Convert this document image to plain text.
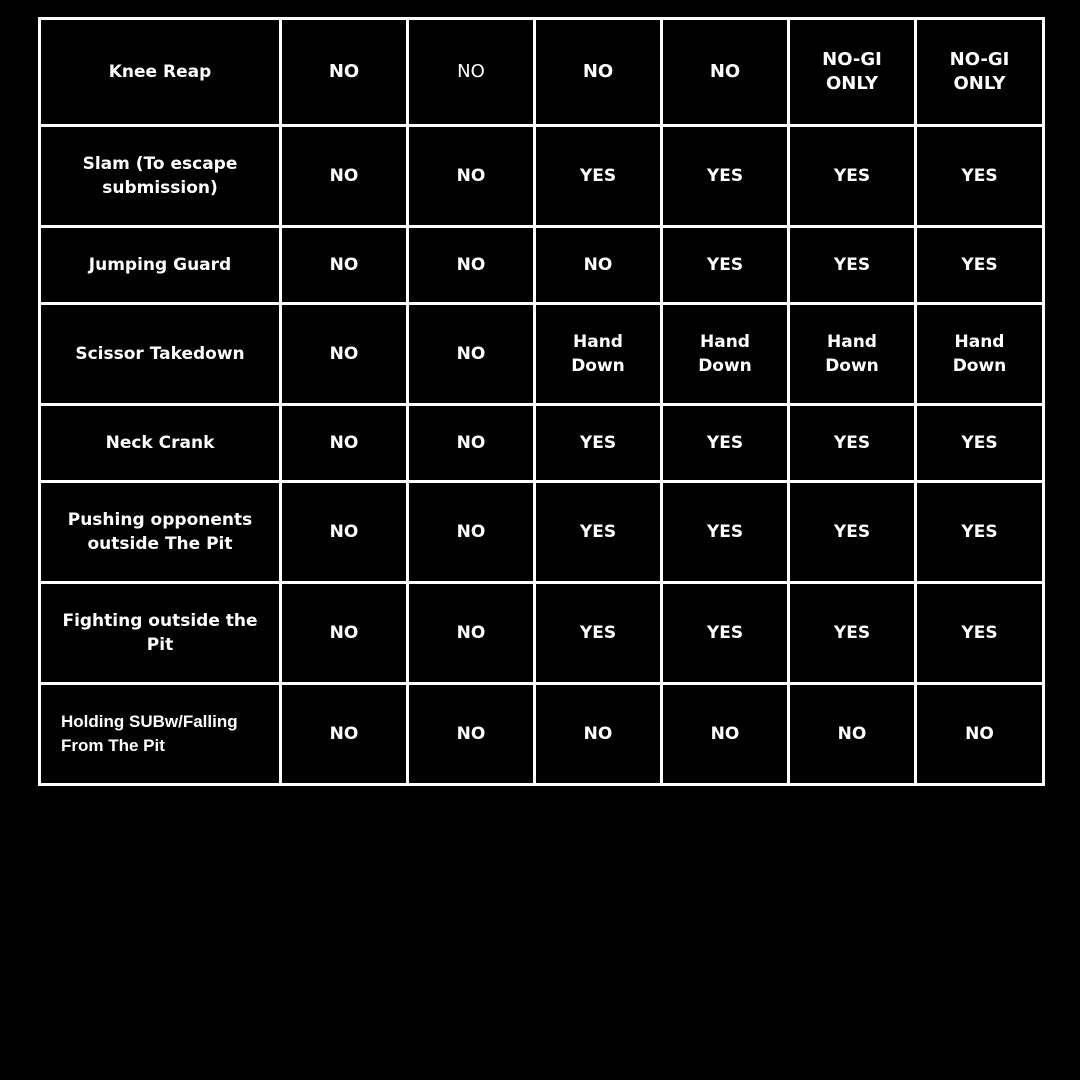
Knee Reap	NO	NO	NO	NO	NO-GI ONLY	NO-GI ONLY
Slam (To escape submission)	NO	NO	YES	YES	YES	YES
Jumping Guard	NO	NO	NO	YES	YES	YES
Scissor Takedown	NO	NO	Hand Down	Hand Down	Hand Down	Hand Down
Neck Crank	NO	NO	YES	YES	YES	YES
Pushing opponents outside The Pit	NO	NO	YES	YES	YES	YES
Fighting outside the Pit	NO	NO	YES	YES	YES	YES
Holding SUBw/Falling From The Pit	NO	NO	NO	NO	NO	NO
